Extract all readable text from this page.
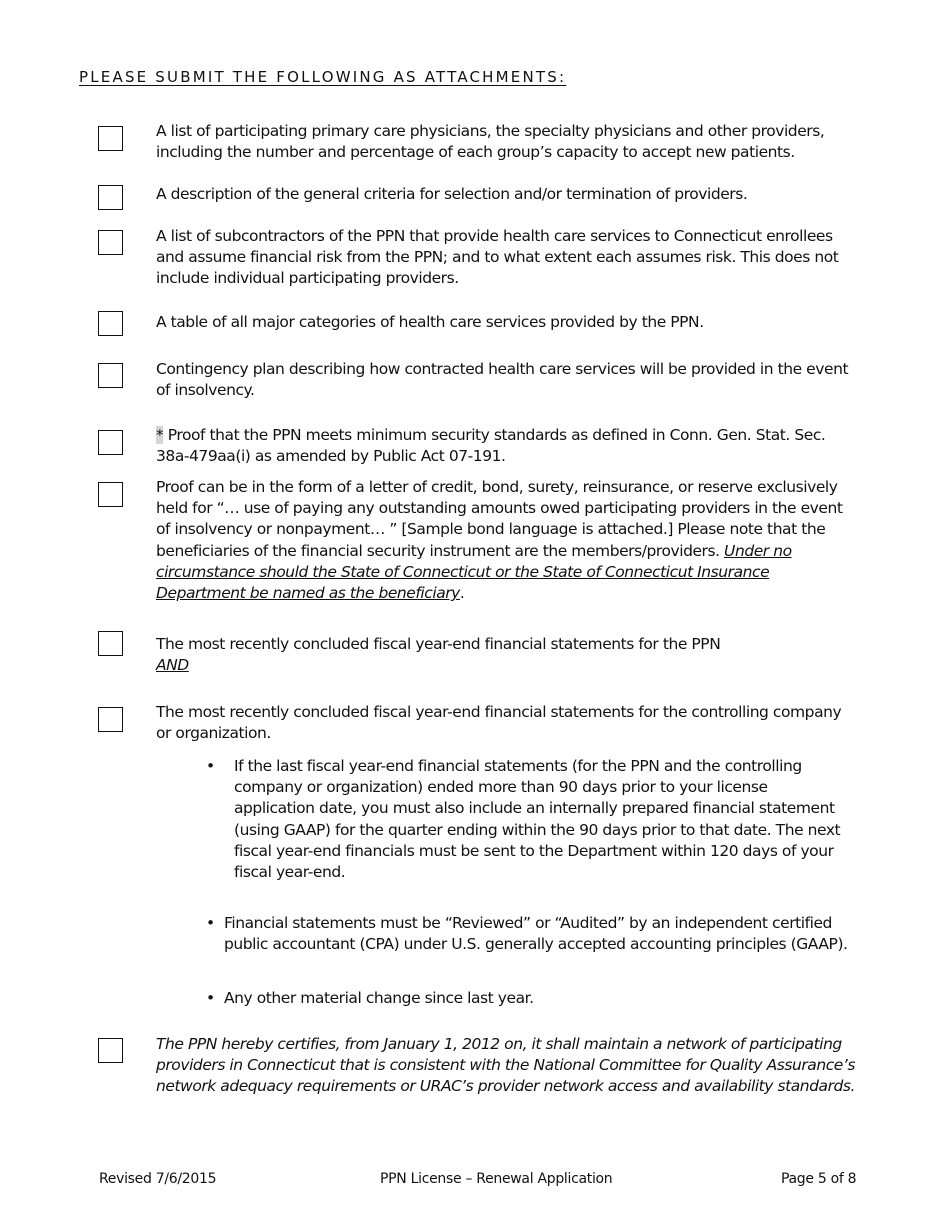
PLEASE SUBMIT THE FOLLOWING AS ATTACHMENTS:
A list of participating primary care physicians, the specialty physicians and other providers, including the number and percentage of each group’s capacity to accept new patients.
A description of the general criteria for selection and/or termination of providers.
A list of subcontractors of the PPN that provide health care services to Connecticut enrollees and assume financial risk from the PPN; and to what extent each assumes risk. This does not include individual participating providers.
A table of all major categories of health care services provided by the PPN.
Contingency plan describing how contracted health care services will be provided in the event of insolvency.
* Proof that the PPN meets minimum security standards as defined in Conn. Gen. Stat. Sec. 38a-479aa(i) as amended by Public Act 07-191.
Proof can be in the form of a letter of credit, bond, surety, reinsurance, or reserve exclusively held for “… use of paying any outstanding amounts owed participating providers in the event of insolvency or nonpayment… ” [Sample bond language is attached.] Please note that the beneficiaries of the financial security instrument are the members/providers. Under no circumstance should the State of Connecticut or the State of Connecticut Insurance Department be named as the beneficiary.

The most recently concluded fiscal year-end financial statements for the PPN

AND

The most recently concluded fiscal year-end financial statements for the controlling company or organization.
• If the last fiscal year-end financial statements (for the PPN and the controlling company or organization) ended more than 90 days prior to your license application date, you must also include an internally prepared financial statement (using GAAP) for the quarter ending within the 90 days prior to that date. The next fiscal year-end financials must be sent to the Department within 120 days of your fiscal year-end.
• Financial statements must be “Reviewed” or “Audited” by an independent certified public accountant (CPA) under U.S. generally accepted accounting principles (GAAP).
• Any other material change since last year.
The PPN hereby certifies, from January 1, 2012 on, it shall maintain a network of participating providers in Connecticut that is consistent with the National Committee for Quality Assurance’s network adequacy requirements or URAC’s provider network access and availability standards.
Revised 7/6/2015	PPN License – Renewal Application	Page 5 of 8
